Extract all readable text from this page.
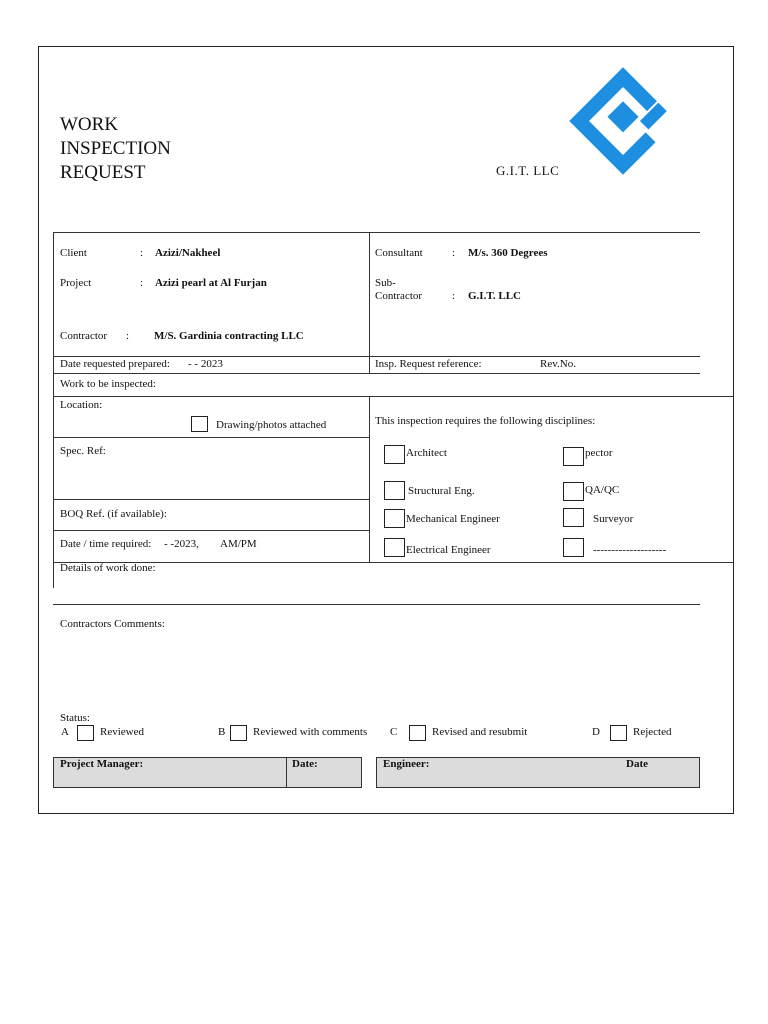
WORK
INSPECTION
REQUEST	G.I.T. LLC
Client	: Azizi/Nakheel
Project	: Azizi pearl at Al Furjan
Contractor : M/S. Gardinia contracting LLC
Consultant	: M/s. 360 Degrees
Sub-
Contractor	: G.I.T. LLC
Date requested prepared: - - 2023	Insp. Request reference:	Rev.No.
Work to be inspected:
Location:
Drawing/photos attached
Spec. Ref:
BOQ Ref. (if available):
Date / time required: - -2023, AM/PM
This inspection requires the following disciplines:
Architect	pector
Structural Eng.	QA/QC
Mechanical Engineer	Surveyor
Electrical Engineer	--------------------
Details of work done:
Contractors Comments:
Status:
A	Reviewed	B	Reviewed with comments C	Revised and resubmit	D	Rejected
Project Manager:	Date:	Engineer:	Date
